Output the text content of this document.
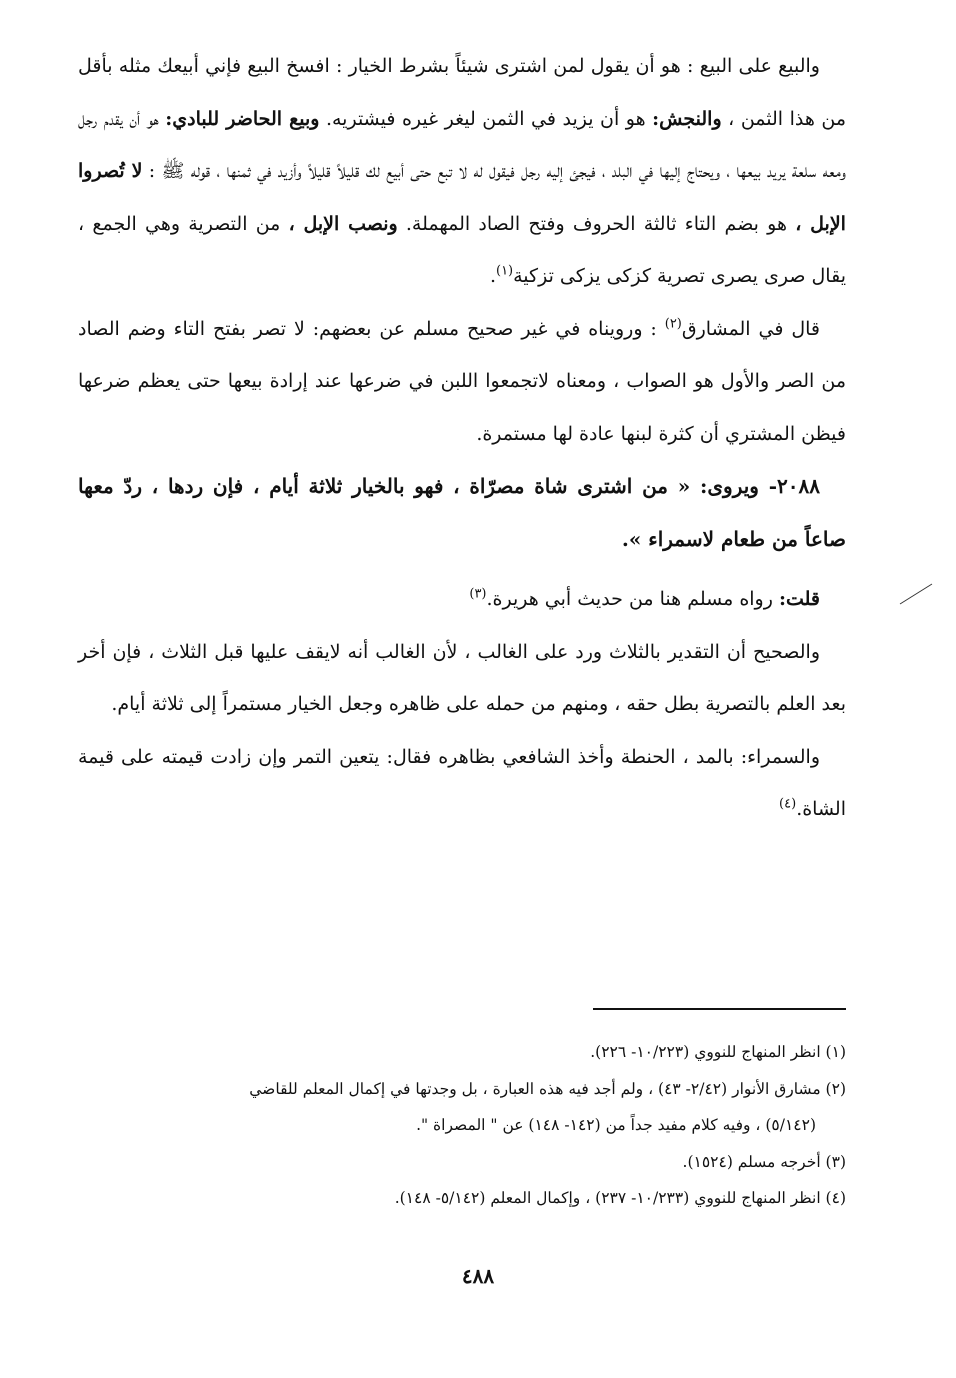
والبيع على البيع : هو أن يقول لمن اشترى شيئاً بشرط الخيار : افسخ البيع فإني أبيعك مثله بأقل من هذا الثمن ، والنجش: هو أن يزيد في الثمن ليغر غيره فيشتريه. وبيع الحاضر للبادي: هو أن يقدم رجل ومعه سلعة يريد بيعها ، ويحتاج إليها في البلد ، فيجئ إليه رجل فيقول له لا تبع حتى أبيع لك قليلاً قليلاً وأزيد في ثمنها ، قوله ﷺ : لا تُصروا الإبل ، هو بضم التاء ثالثة الحروف وفتح الصاد المهملة. ونصب الإبل ، من التصرية وهي الجمع ، يقال صرى يصرى تصرية كزكى يزكى تزكية$^{(١)}$.

قال في المشارق$^{(٢)}$ : ورويناه في غير صحيح مسلم عن بعضهم: لا تصر بفتح التاء وضم الصاد من الصر والأول هو الصواب ، ومعناه لاتجمعوا اللبن في ضرعها عند إرادة بيعها حتى يعظم ضرعها فيظن المشتري أن كثرة لبنها عادة لها مستمرة.

٢٠٨٨- ويروى: « من اشترى شاة مصرّاة ، فهو بالخيار ثلاثة أيام ، فإن ردها ، ردّ معها صاعاً من طعام لاسمراء ».

قلت: رواه مسلم هنا من حديث أبي هريرة.$^{(٣)}$

والصحيح أن التقدير بالثلاث ورد على الغالب ، لأن الغالب أنه لايقف عليها قبل الثلاث ، فإن أخر بعد العلم بالتصرية بطل حقه ، ومنهم من حمله على ظاهره وجعل الخيار مستمراً إلى ثلاثة أيام.

والسمراء: بالمد ، الحنطة وأخذ الشافعي بظاهره فقال: يتعين التمر وإن زادت قيمته على قيمة الشاة.$^{(٤)}$

(١) انظر المنهاج للنووي (١٠/٢٢٣- ٢٢٦).

(٢) مشارق الأنوار (٢/٤٢- ٤٣) ، ولم أجد فيه هذه العبارة ، بل وجدتها في إكمال المعلم للقاضي

(٥/١٤٢) ، وفيه كلام مفيد جداً من (١٤٢- ١٤٨) عن " المصراة ".

(٣) أخرجه مسلم (١٥٢٤).

(٤) انظر المنهاج للنووي (١٠/٢٣٣- ٢٣٧) ، وإكمال المعلم (٥/١٤٢- ١٤٨).

٤٨٨
